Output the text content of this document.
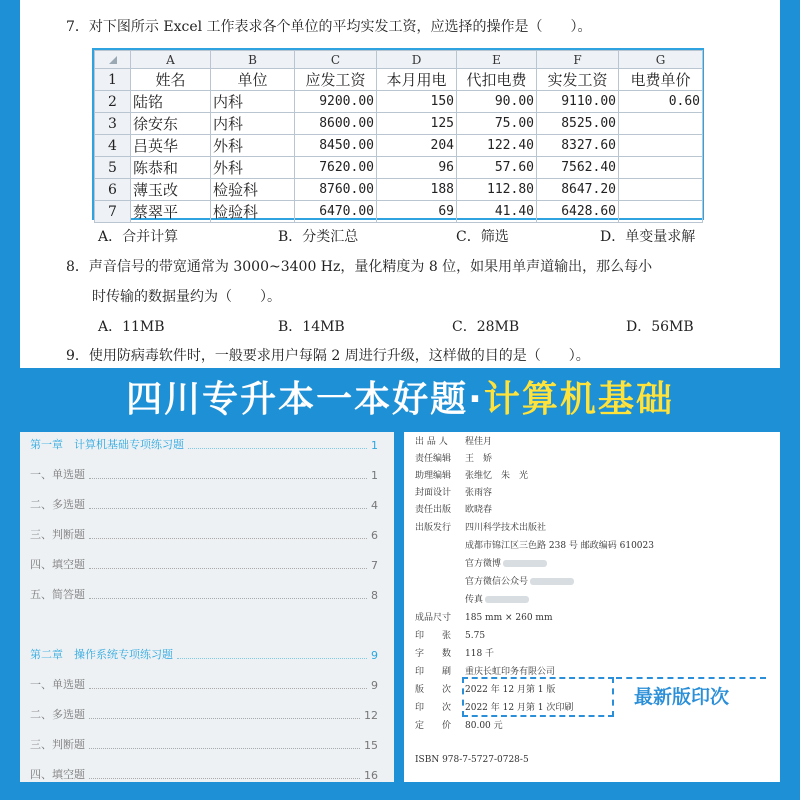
7．对下图所示 Excel 工作表求各个单位的平均实发工资，应选择的操作是（　　）。
	A	B	C	D	E	F	G
1	姓名	单位	应发工资	本月用电	代扣电费	实发工资	电费单价
2	陆铭	内科	9200.00	150	90.00	9110.00	0.60
3	徐安东	内科	8600.00	125	75.00	8525.00	
4	吕英华	外科	8450.00	204	122.40	8327.60	
5	陈恭和	外科	7620.00	96	57.60	7562.40	
6	薄玉改	检验科	8760.00	188	112.80	8647.20	
7	蔡翠平	检验科	6470.00	69	41.40	6428.60	
A．合并计算	B．分类汇总	C．筛选	D．单变量求解
8．声音信号的带宽通常为 3000~3400 Hz，量化精度为 8 位，如果用单声道输出，那么每小
时传输的数据量约为（　　）。
A．11MB	B．14MB	C．28MB	D．56MB
9．使用防病毒软件时，一般要求用户每隔 2 周进行升级，这样做的目的是（　　）。
四川专升本一本好题·计算机基础
第一章　计算机基础专项练习题	1
一、单选题	1
二、多选题	4
三、判断题	6
四、填空题	7
五、简答题	8
第二章　操作系统专项练习题	9
一、单选题	9
二、多选题	12
三、判断题	15
四、填空题	16
出 品 人 程佳月
责任编辑 王　娇
助理编辑 张维忆　朱　光
封面设计 张雨容
责任出版 欧晓春
出版发行 四川科学技术出版社
成都市锦江区三色路 238 号 邮政编码 610023
官方微博
官方微信公众号
传真
成品尺寸 185 mm × 260 mm
印　　张 5.75
字　　数 118 千
印　　刷 重庆长虹印务有限公司
版　　次 2022 年 12 月第 1 版
印　　次 2022 年 12 月第 1 次印刷
定　　价 80.00 元
ISBN 978-7-5727-0728-5
最新版印次
